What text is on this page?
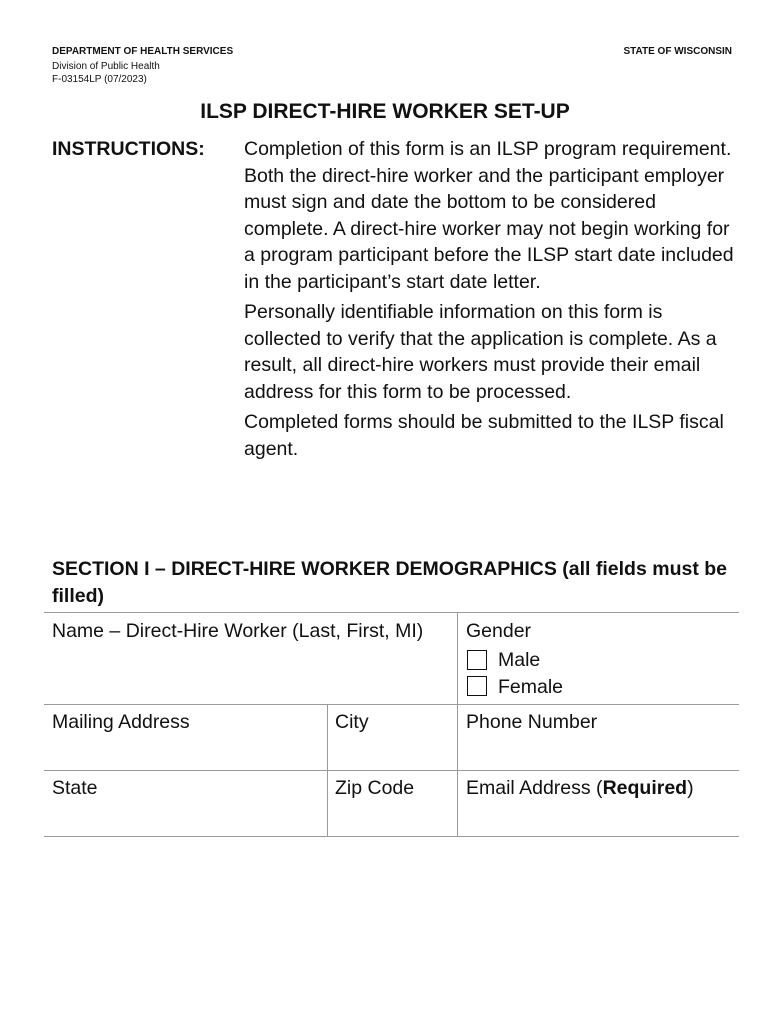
DEPARTMENT OF HEALTH SERVICES
Division of Public Health
F-03154LP (07/2023)
STATE OF WISCONSIN
ILSP DIRECT-HIRE WORKER SET-UP
INSTRUCTIONS: Completion of this form is an ILSP program requirement. Both the direct-hire worker and the participant employer must sign and date the bottom to be considered complete. A direct-hire worker may not begin working for a program participant before the ILSP start date included in the participant’s start date letter.

Personally identifiable information on this form is collected to verify that the application is complete. As a result, all direct-hire workers must provide their email address for this form to be processed.

Completed forms should be submitted to the ILSP fiscal agent.

SECTION I – DIRECT-HIRE WORKER DEMOGRAPHICS (all fields must be filled)
Name – Direct-Hire Worker (Last, First, MI)	Gender
Male
Female
Mailing Address	City	Phone Number
State	Zip Code	Email Address (Required)
